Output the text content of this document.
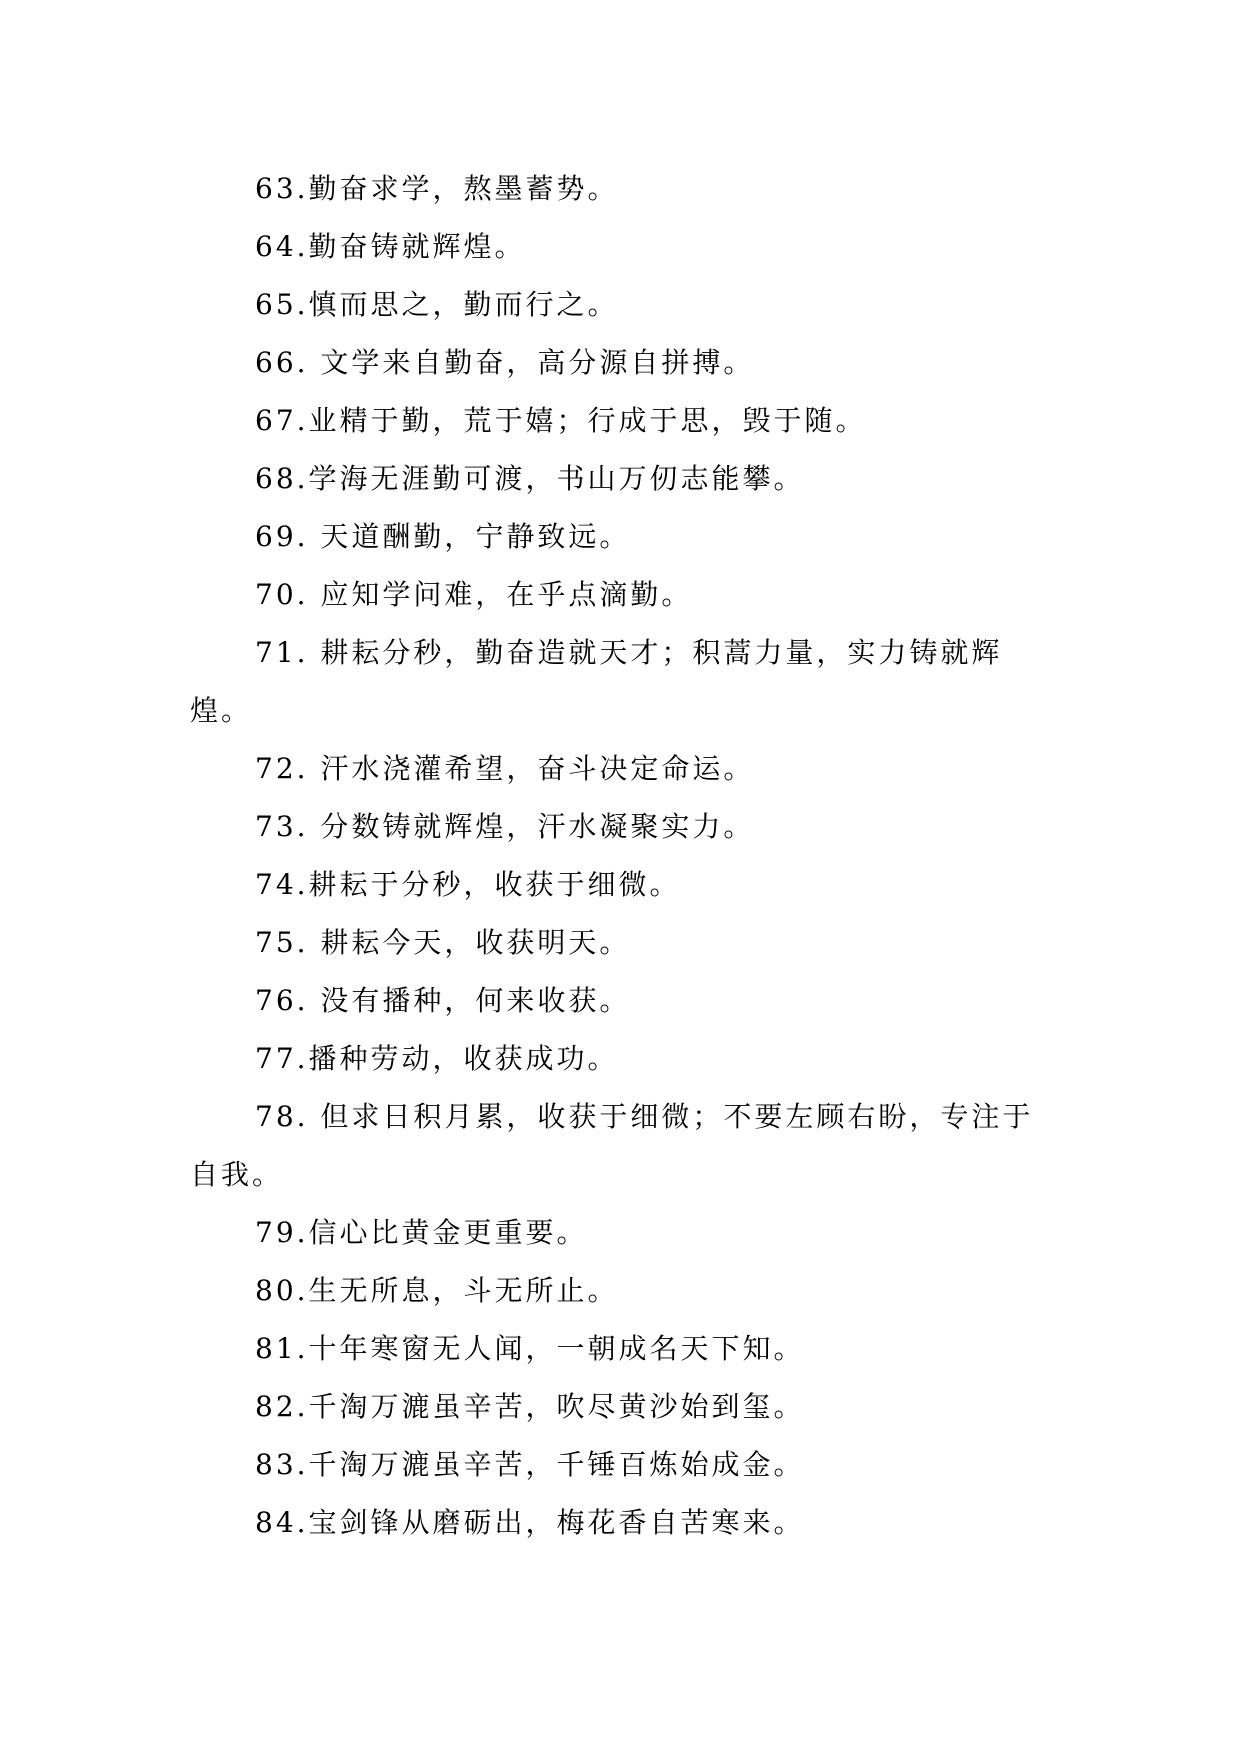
63.勤奋求学，熬墨蓄势。

64.勤奋铸就辉煌。

65.慎而思之，勤而行之。

66. 文学来自勤奋，高分源自拼搏。

67.业精于勤，荒于嬉；行成于思，毁于随。

68.学海无涯勤可渡，书山万仞志能攀。

69. 天道酬勤，宁静致远。

70. 应知学问难，在乎点滴勤。

71. 耕耘分秒，勤奋造就天才；积蒿力量，实力铸就辉煌。

72. 汗水浇灌希望，奋斗决定命运。

73. 分数铸就辉煌，汗水凝聚实力。

74.耕耘于分秒，收获于细微。

75. 耕耘今天，收获明天。

76. 没有播种，何来收获。

77.播种劳动，收获成功。

78. 但求日积月累，收获于细微；不要左顾右盼，专注于自我。

79.信心比黄金更重要。

80.生无所息，斗无所止。

81.十年寒窗无人闻，一朝成名天下知。

82.千淘万漉虽辛苦，吹尽黄沙始到玺。

83.千淘万漉虽辛苦，千锤百炼始成金。

84.宝剑锋从磨砺出，梅花香自苦寒来。
